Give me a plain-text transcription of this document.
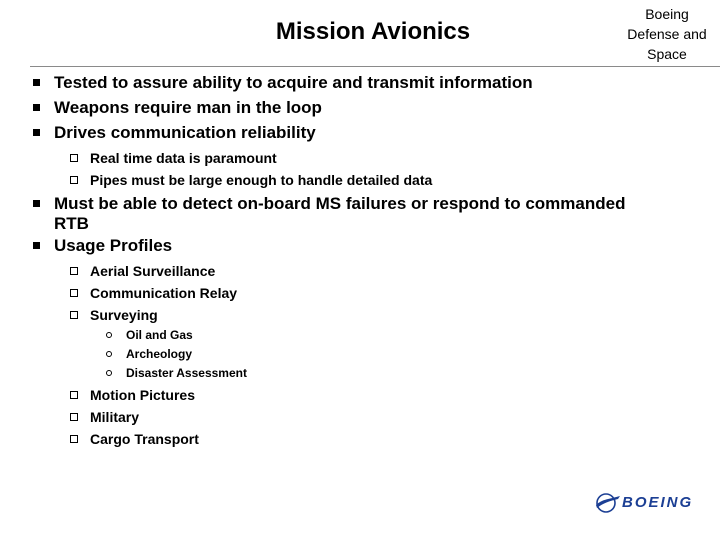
Mission Avionics
Boeing
Defense and
Space
Tested to assure ability to acquire and transmit information
Weapons require man in the loop
Drives communication reliability
Real time data is paramount
Pipes must be large enough to handle detailed data
Must be able to detect on-board MS failures or respond to commanded
RTB
Usage Profiles
Aerial Surveillance
Communication Relay
Surveying
Oil and Gas
Archeology
Disaster Assessment
Motion Pictures
Military
Cargo Transport
BOEING
